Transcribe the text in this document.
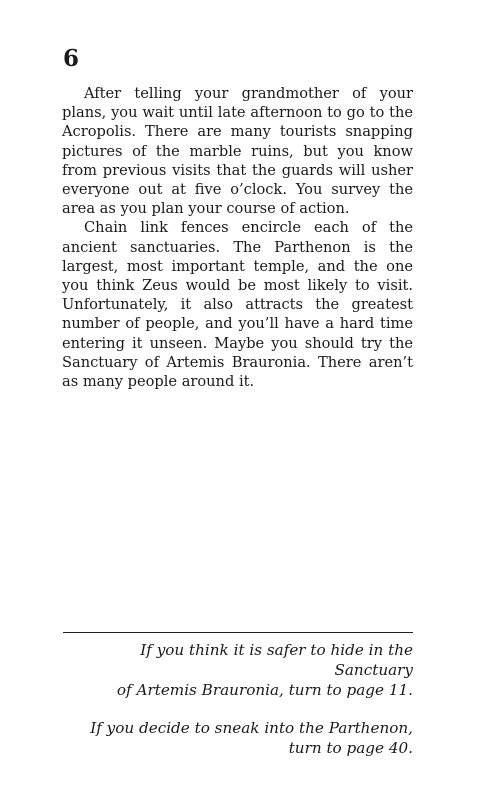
6

After telling your grandmother of your plans, you wait until late afternoon to go to the Acropolis. There are many tourists snapping pictures of the marble ruins, but you know from previous visits that the guards will usher everyone out at five o’clock. You survey the area as you plan your course of action.

Chain link fences encircle each of the ancient sanctuaries. The Parthenon is the largest, most important temple, and the one you think Zeus would be most likely to visit. Unfortunately, it also attracts the greatest number of people, and you’ll have a hard time entering it unseen. Maybe you should try the Sanctuary of Artemis Brauronia. There aren’t as many people around it.

If you think it is safer to hide in the Sanctuary
of Artemis Brauronia, turn to page 11.
If you decide to sneak into the Parthenon,
turn to page 40.
